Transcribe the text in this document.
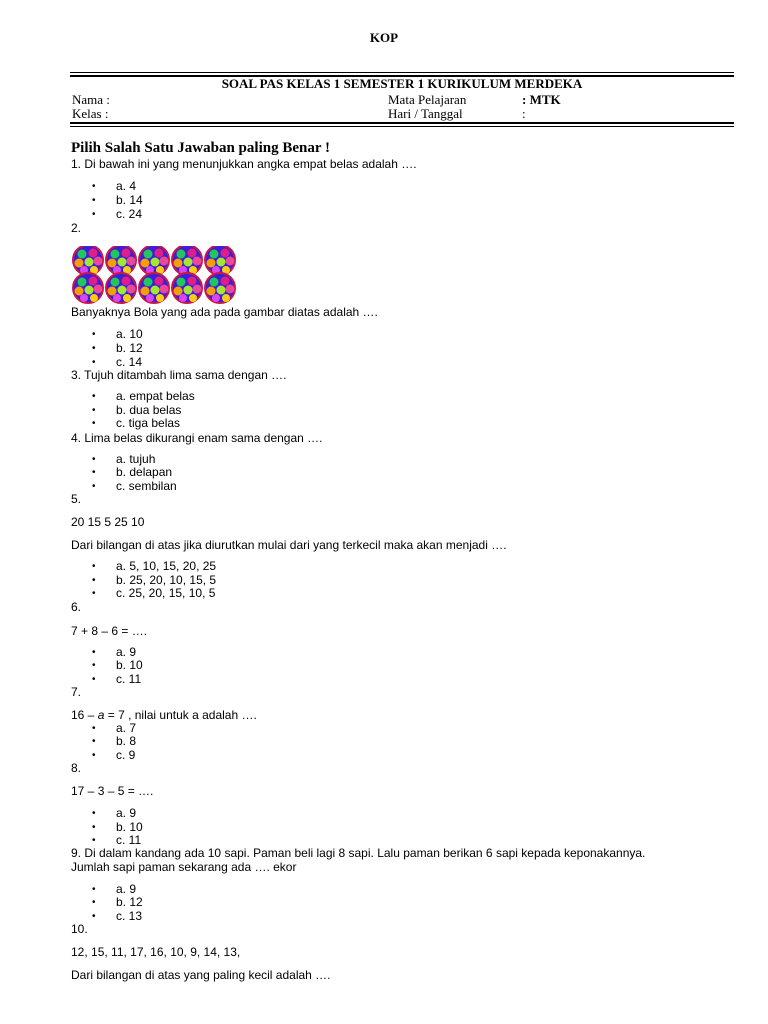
KOP
SOAL PAS KELAS 1 SEMESTER 1 KURIKULUM MERDEKA
Nama :	Mata Pelajaran	: MTK
Kelas :	Hari / Tanggal	:
Pilih Salah Satu Jawaban paling Benar !
1. Di bawah ini yang menunjukkan angka empat belas adalah ….
• a. 4
• b. 14
• c. 24
2.
Banyaknya Bola yang ada pada gambar diatas adalah ….
• a. 10
• b. 12
• c. 14
3. Tujuh ditambah lima sama dengan ….
• a. empat belas
• b. dua belas
• c. tiga belas
4. Lima belas dikurangi enam sama dengan ….
• a. tujuh
• b. delapan
• c. sembilan
5.
20 15 5 25 10
Dari bilangan di atas jika diurutkan mulai dari yang terkecil maka akan menjadi ….
• a. 5, 10, 15, 20, 25
• b. 25, 20, 10, 15, 5
• c. 25, 20, 15, 10, 5
6.
7 + 8 – 6 = ….
• a. 9
• b. 10
• c. 11
7.
16 – a = 7 , nilai untuk a adalah ….
• a. 7
• b. 8
• c. 9
8.
17 – 3 – 5 = ….
• a. 9
• b. 10
• c. 11
9. Di dalam kandang ada 10 sapi. Paman beli lagi 8 sapi. Lalu paman berikan 6 sapi kepada keponakannya.
Jumlah sapi paman sekarang ada …. ekor
• a. 9
• b. 12
• c. 13
10.
12, 15, 11, 17, 16, 10, 9, 14, 13,
Dari bilangan di atas yang paling kecil adalah ….
